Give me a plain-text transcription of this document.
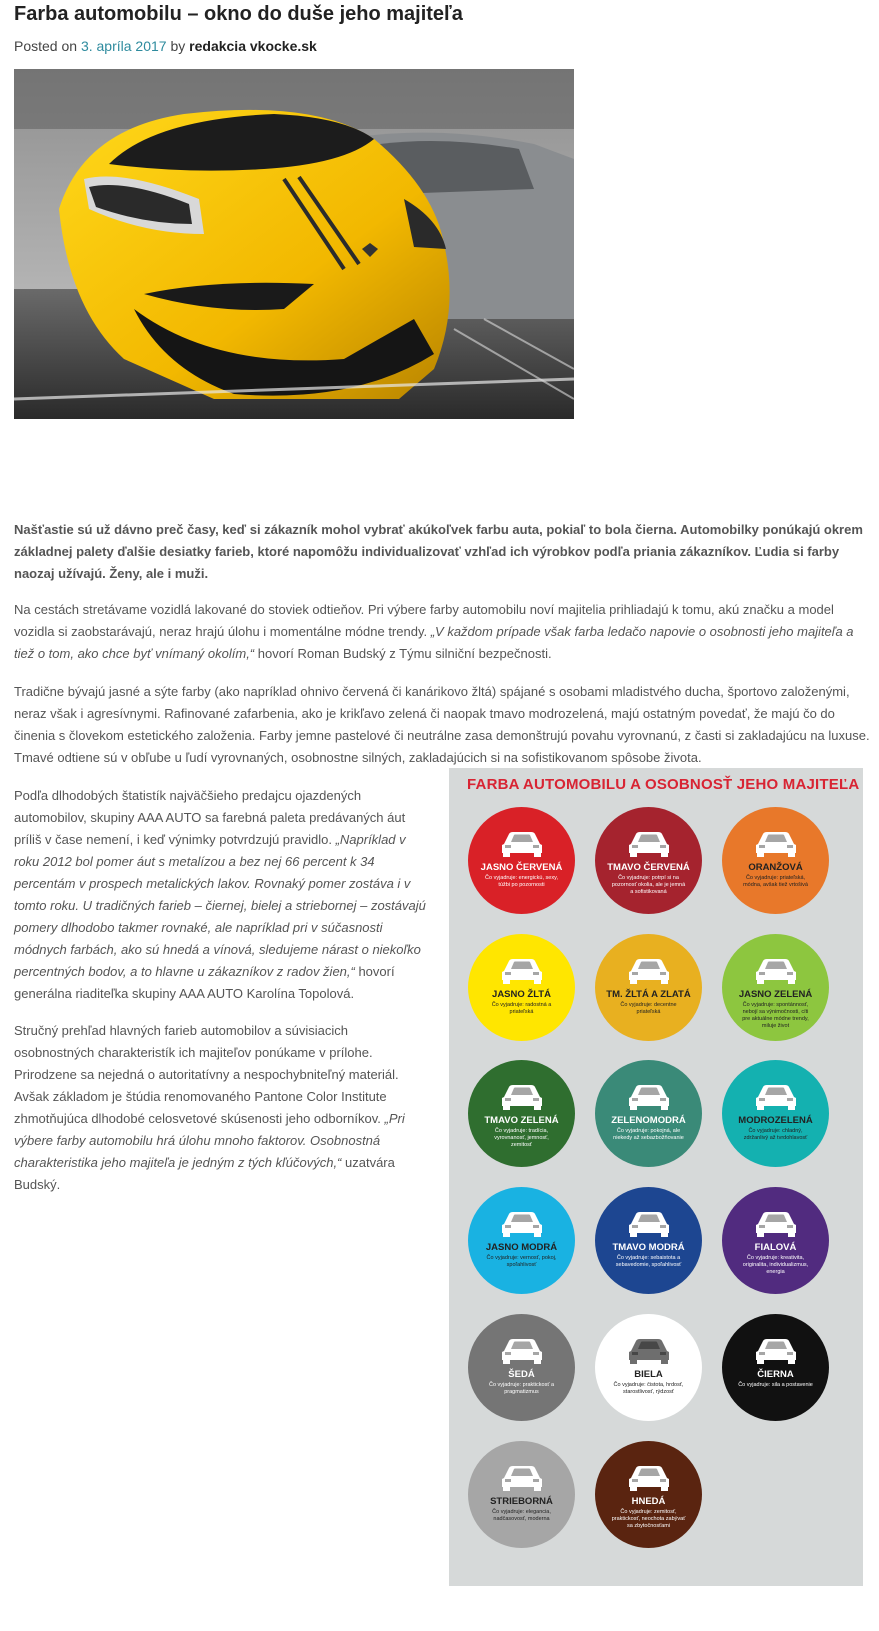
Farba automobilu – okno do duše jeho majiteľa
Posted on 3. apríla 2017 by redakcia vkocke.sk

Našťastie sú už dávno preč časy, keď si zákazník mohol vybrať akúkoľvek farbu auta, pokiaľ to bola čierna. Automobilky ponúkajú okrem základnej palety ďalšie desiatky farieb, ktoré napomôžu individualizovať vzhľad ich výrobkov podľa priania zákazníkov. Ľudia si farby naozaj užívajú. Ženy, ale i muži.

Na cestách stretávame vozidlá lakované do stoviek odtieňov. Pri výbere farby automobilu noví majitelia prihliadajú k tomu, akú značku a model vozidla si zaobstarávajú, neraz hrajú úlohu i momentálne módne trendy. „V každom prípade však farba ledačo napovie o osobnosti jeho majiteľa a tiež o tom, ako chce byť vnímaný okolím,“ hovorí Roman Budský z Týmu silniční bezpečnosti.

Tradične bývajú jasné a sýte farby (ako napríklad ohnivo červená či kanárikovo žltá) spájané s osobami mladistvého ducha, športovo založenými, neraz však i agresívnymi. Rafinované zafarbenia, ako je krikľavo zelená či naopak tmavo modrozelená, majú ostatným povedať, že majú čo do činenia s človekom estetického založenia. Farby jemne pastelové či neutrálne zasa demonštrujú povahu vyrovnanú, z časti si zakladajúcu na luxuse. Tmavé odtiene sú v obľube u ľudí vyrovnaných, osobnostne silných, zakladajúcich si na sofistikovanom spôsobe života.

Podľa dlhodobých štatistík najväčšieho predajcu ojazdených automobilov, skupiny AAA AUTO sa farebná paleta predávaných áut príliš v čase nemení, i keď výnimky potvrdzujú pravidlo. „Napríklad v roku 2012 bol pomer áut s metalízou a bez nej 66 percent k 34 percentám v prospech metalických lakov. Rovnaký pomer zostáva i v tomto roku. U tradičných farieb – čiernej, bielej a striebornej – zostávajú pomery dlhodobo takmer rovnaké, ale napríklad pri v súčasnosti módnych farbách, ako sú hnedá a vínová, sledujeme nárast o niekoľko percentných bodov, a to hlavne u zákazníkov z radov žien,“ hovorí generálna riaditeľka skupiny AAA AUTO Karolína Topolová.

Stručný prehľad hlavných farieb automobilov a súvisiacich osobnostných charakteristík ich majiteľov ponúkame v prílohe. Prirodzene sa nejedná o autoritatívny a nespochybniteľný materiál. Avšak základom je štúdia renomovaného Pantone Color Institute zhmotňujúca dlhodobé celosvetové skúsenosti jeho odborníkov. „Pri výbere farby automobilu hrá úlohu mnoho faktorov. Osobnostná charakteristika jeho majiteľa je jedným z tých kľúčových,“ uzatvára Budský.

FARBA AUTOMOBILU A OSOBNOSŤ JEHO MAJITEĽA
JASNO ČERVENÁ
Čo vyjadruje: energickú, sexy, túžbi po pozornosti
TMAVO ČERVENÁ
Čo vyjadruje: potrpí si na pozornosť okolia, ale je jemná a sofistikovaná
ORANŽOVÁ
Čo vyjadruje: priateľská, módna, avšak tiež vrtošivá
JASNO ŽLTÁ
Čo vyjadruje: radostná a priateľská
TM. ŽLTÁ A ZLATÁ
Čo vyjadruje: decentne priateľská
JASNO ZELENÁ
Čo vyjadruje: spontánnosť, nebojí sa výnimočnosti, cíti pre aktuálne módne trendy, miluje život
TMAVO ZELENÁ
Čo vyjadruje: tradícia, vyrovnanosť, jemnosť, zemitosť
ZELENOMODRÁ
Čo vyjadruje: pokojná, ale niekedy až sebazbožňovanie
MODROZELENÁ
Čo vyjadruje: chladný, zdržanlivý až tvrdohlavosť
JASNO MODRÁ
Čo vyjadruje: vernosť, pokoj, spoľahlivosť
TMAVO MODRÁ
Čo vyjadruje: sebaistota a sebavedomie, spoľahlivosť
FIALOVÁ
Čo vyjadruje: kreativita, originalita, individualizmus, energia
ŠEDÁ
Čo vyjadruje: praktickosť a pragmatizmus
BIELA
Čo vyjadruje: čistota, hrdosť, starostlivosť, rýdzosť
ČIERNA
Čo vyjadruje: sila a postavenie
STRIEBORNÁ
Čo vyjadruje: elegancia, nadčasovosť, moderna
HNEDÁ
Čo vyjadruje: zemitosť, praktickosť, neochota zabývať sa zbytočnosťami
